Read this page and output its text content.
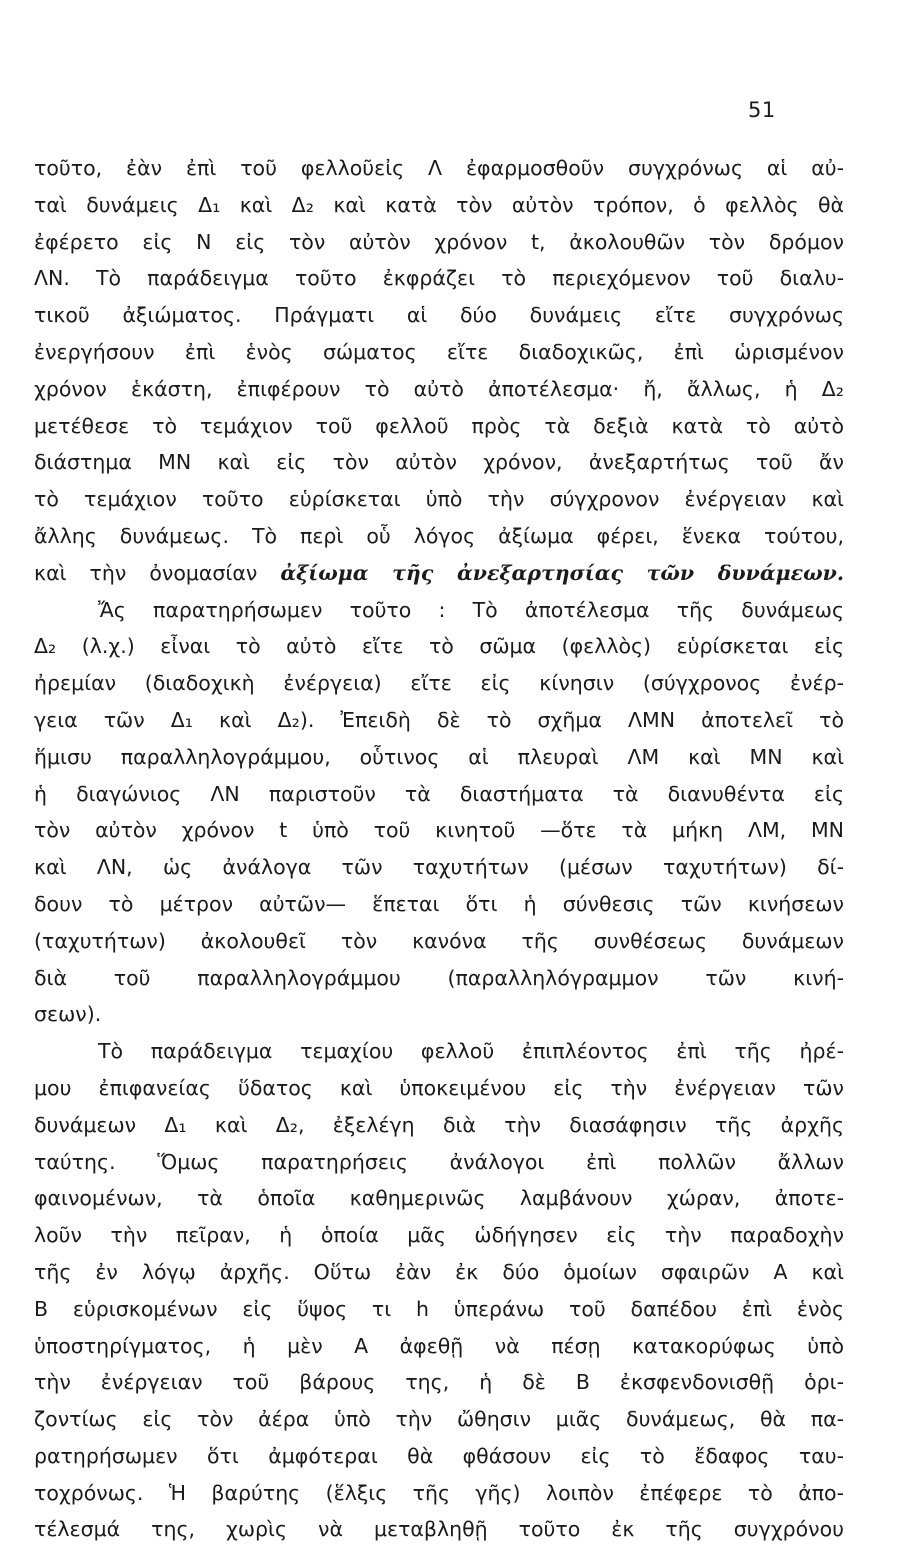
51
τοῦτο, ἐὰν ἐπὶ τοῦ φελλοῦεἰς Λ ἐφαρμοσθοῦν συγχρόνως αἱ αὐ-
ταὶ δυνάμεις Δ₁ καὶ Δ₂ καὶ κατὰ τὸν αὐτὸν τρόπον, ὁ φελλὸς θὰ
ἐφέρετο εἰς Ν εἰς τὸν αὐτὸν χρόνον t, ἀκολουθῶν τὸν δρόμον
ΛΝ. Τὸ παράδειγμα τοῦτο ἐκφράζει τὸ περιεχόμενον τοῦ διαλυ-
τικοῦ ἀξιώματος. Πράγματι αἱ δύο δυνάμεις εἴτε συγχρόνως
ἐνεργήσουν ἐπὶ ἑνὸς σώματος εἴτε διαδοχικῶς, ἐπὶ ὡρισμένον
χρόνον ἑκάστη, ἐπιφέρουν τὸ αὐτὸ ἀποτέλεσμα· ἤ, ἄλλως, ἡ Δ₂
μετέθεσε τὸ τεμάχιον τοῦ φελλοῦ πρὸς τὰ δεξιὰ κατὰ τὸ αὐτὸ
διάστημα ΜΝ καὶ εἰς τὸν αὐτὸν χρόνον, ἀνεξαρτήτως τοῦ ἄν
τὸ τεμάχιον τοῦτο εὑρίσκεται ὑπὸ τὴν σύγχρονον ἐνέργειαν καὶ
ἄλλης δυνάμεως. Τὸ περὶ οὗ λόγος ἀξίωμα φέρει, ἕνεκα τούτου,
καὶ τὴν ὀνομασίαν ἀξίωμα τῆς ἀνεξαρτησίας τῶν δυνάμεων.
Ἄς παρατηρήσωμεν τοῦτο : Τὸ ἀποτέλεσμα τῆς δυνάμεως
Δ₂ (λ.χ.) εἶναι τὸ αὐτὸ εἴτε τὸ σῶμα (φελλὸς) εὑρίσκεται εἰς
ἠρεμίαν (διαδοχικὴ ἐνέργεια) εἴτε εἰς κίνησιν (σύγχρονος ἐνέρ-
γεια τῶν Δ₁ καὶ Δ₂). Ἐπειδὴ δὲ τὸ σχῆμα ΛΜΝ ἀποτελεῖ τὸ
ἥμισυ παραλληλογράμμου, οὗτινος αἱ πλευραὶ ΛΜ καὶ ΜΝ καὶ
ἡ διαγώνιος ΛΝ παριστοῦν τὰ διαστήματα τὰ διανυθέντα εἰς
τὸν αὐτὸν χρόνον t ὑπὸ τοῦ κινητοῦ —ὅτε τὰ μήκη ΛΜ, ΜΝ
καὶ ΛΝ, ὡς ἀνάλογα τῶν ταχυτήτων (μέσων ταχυτήτων) δί-
δουν τὸ μέτρον αὐτῶν— ἕπεται ὅτι ἡ σύνθεσις τῶν κινήσεων
(ταχυτήτων) ἀκολουθεῖ τὸν κανόνα τῆς συνθέσεως δυνάμεων
διὰ τοῦ παραλληλογράμμου (παραλληλόγραμμον τῶν κινή-
σεων).
Τὸ παράδειγμα τεμαχίου φελλοῦ ἐπιπλέοντος ἐπὶ τῆς ἠρέ-
μου ἐπιφανείας ὕδατος καὶ ὑποκειμένου εἰς τὴν ἐνέργειαν τῶν
δυνάμεων Δ₁ καὶ Δ₂, ἐξελέγη διὰ τὴν διασάφησιν τῆς ἀρχῆς
ταύτης. Ὅμως παρατηρήσεις ἀνάλογοι ἐπὶ πολλῶν ἄλλων
φαινομένων, τὰ ὁποῖα καθημερινῶς λαμβάνουν χώραν, ἀποτε-
λοῦν τὴν πεῖραν, ἡ ὁποία μᾶς ὡδήγησεν εἰς τὴν παραδοχὴν
τῆς ἐν λόγῳ ἀρχῆς. Οὕτω ἐὰν ἐκ δύο ὁμοίων σφαιρῶν Α καὶ
Β εὑρισκομένων εἰς ὕψος τι h ὑπεράνω τοῦ δαπέδου ἐπὶ ἑνὸς
ὑποστηρίγματος, ἡ μὲν Α ἀφεθῇ νὰ πέσῃ κατακορύφως ὑπὸ
τὴν ἐνέργειαν τοῦ βάρους της, ἡ δὲ Β ἐκσφενδονισθῇ ὁρι-
ζοντίως εἰς τὸν ἀέρα ὑπὸ τὴν ὤθησιν μιᾶς δυνάμεως, θὰ πα-
ρατηρήσωμεν ὅτι ἀμφότεραι θὰ φθάσουν εἰς τὸ ἔδαφος ταυ-
τοχρόνως. Ἡ βαρύτης (ἕλξις τῆς γῆς) λοιπὸν ἐπέφερε τὸ ἀπο-
τέλεσμά της, χωρὶς νὰ μεταβληθῇ τοῦτο ἐκ τῆς συγχρόνου
